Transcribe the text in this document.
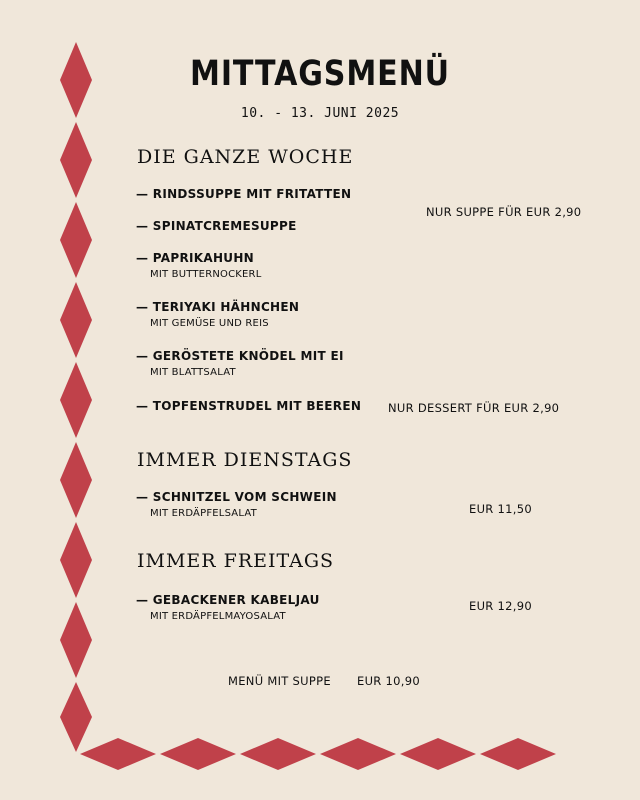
MITTAGSMENÜ
10. - 13. JUNI 2025
DIE GANZE WOCHE
— RINDSSUPPE MIT FRITATTEN
— SPINATCREMESUPPE
— PAPRIKAHUHN
MIT BUTTERNOCKERL
— TERIYAKI HÄHNCHEN
MIT GEMÜSE UND REIS
— GERÖSTETE KNÖDEL MIT EI
MIT BLATTSALAT
— TOPFENSTRUDEL MIT BEEREN
NUR SUPPE FÜR EUR 2,90
NUR DESSERT FÜR EUR 2,90
IMMER DIENSTAGS
— SCHNITZEL VOM SCHWEIN
MIT ERDÄPFELSALAT	EUR 11,50
IMMER FREITAGS
— GEBACKENER KABELJAU
MIT ERDÄPFELMAYOSALAT
EUR 12,90
MENÜ MIT SUPPE EUR 10,90
